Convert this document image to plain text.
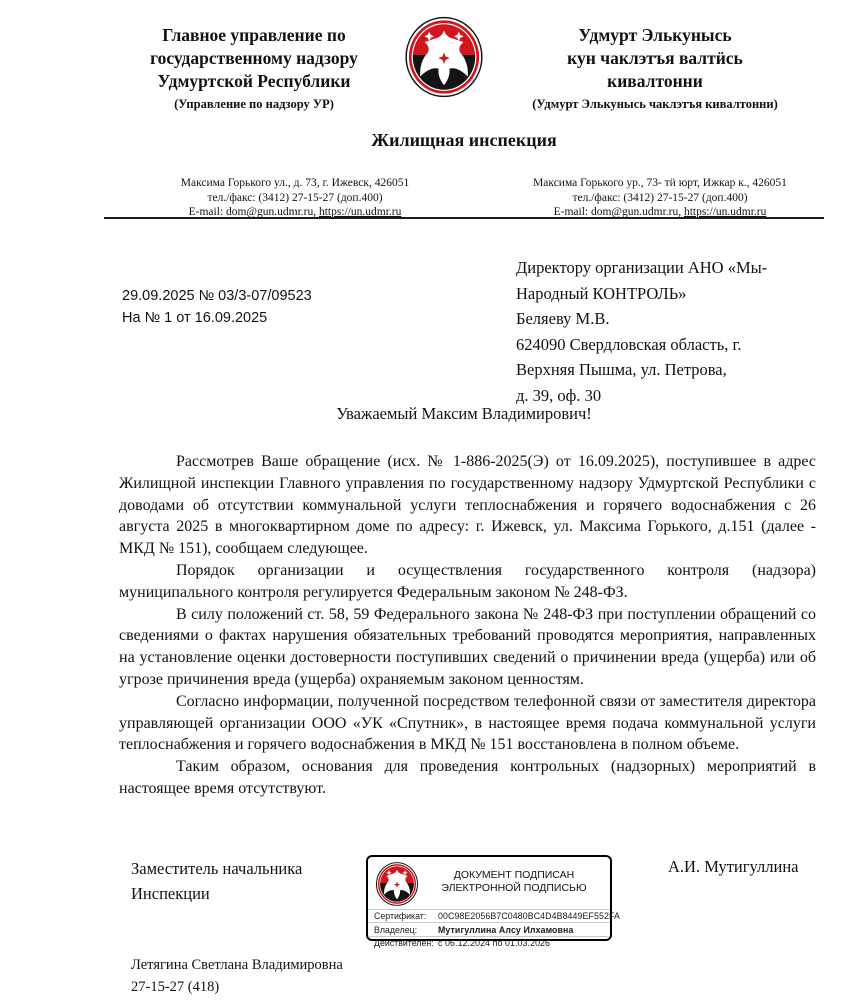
Главное управление по
государственному надзору
Удмуртской Республики
(Управление по надзору УР)
Удмурт Элькунысь
кун чаклэтъя валтӥсь
кивалтонни
(Удмурт Элькунысь чаклэтъя кивалтонни)
Жилищная инспекция
Максима Горького ул., д. 73, г. Ижевск, 426051
тел./факс: (3412) 27-15-27 (доп.400)
E-mail: dom@gun.udmr.ru, https://un.udmr.ru
Максима Горького ур., 73- тӥ юрт, Ижкар к., 426051
тел./факс: (3412) 27-15-27 (доп.400)
E-mail: dom@gun.udmr.ru, https://un.udmr.ru
29.09.2025 № 03/3-07/09523
На № 1 от 16.09.2025
Директору организации АНО «Мы-
Народный КОНТРОЛЬ»
Беляеву М.В.
624090 Свердловская область, г.
Верхняя Пышма, ул. Петрова,
д. 39, оф. 30
Уважаемый Максим Владимирович!

Рассмотрев Ваше обращение (исх. № 1-886-2025(Э) от 16.09.2025), поступившее в адрес Жилищной инспекции Главного управления по государственному надзору Удмуртской Республики с доводами об отсутствии коммунальной услуги теплоснабжения и горячего водоснабжения с 26 августа 2025 в многоквартирном доме по адресу: г. Ижевск, ул. Максима Горького, д.151 (далее - МКД № 151), сообщаем следующее.

Порядок организации и осуществления государственного контроля (надзора) муниципального контроля регулируется Федеральным законом № 248-ФЗ.

В силу положений ст. 58, 59 Федерального закона № 248-ФЗ при поступлении обращений со сведениями о фактах нарушения обязательных требований проводятся мероприятия, направленных на установление оценки достоверности поступивших сведений о причинении вреда (ущерба) или об угрозе причинения вреда (ущерба) охраняемым законом ценностям.

Согласно информации, полученной посредством телефонной связи от заместителя директора управляющей организации ООО «УК «Спутник», в настоящее время подача коммунальной услуги теплоснабжения и горячего водоснабжения в МКД № 151 восстановлена в полном объеме.

Таким образом, основания для проведения контрольных (надзорных) мероприятий в настоящее время отсутствуют.

Заместитель начальника
Инспекции
ДОКУМЕНТ ПОДПИСАН
ЭЛЕКТРОННОЙ ПОДПИСЬЮ
Сертификат:	00C98E2056B7C0480BC4D4B8449EF552FA
Владелец:	Мутигуллина Алсу Илхамовна
Действителен: с 06.12.2024 по 01.03.2026
А.И. Мутигуллина
Летягина Светлана Владимировна
27-15-27 (418)
